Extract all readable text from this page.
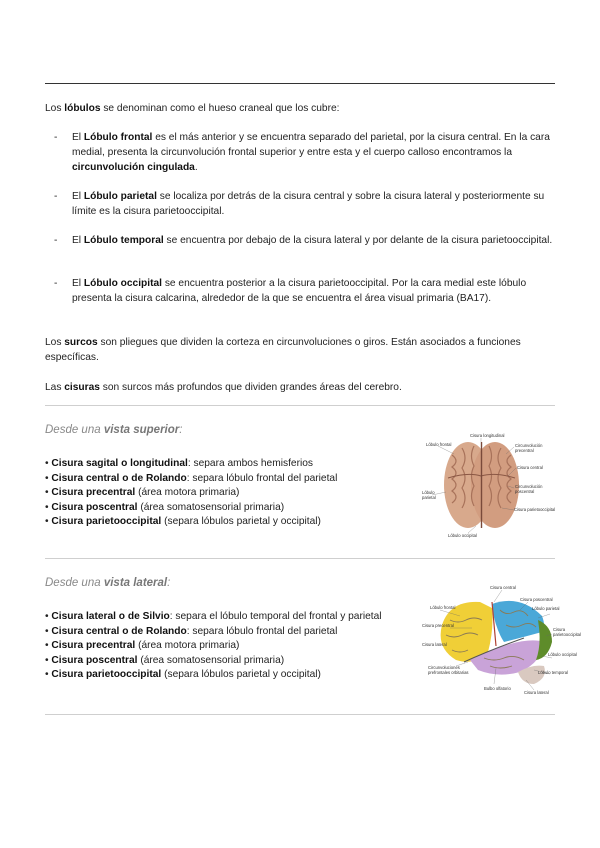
Los lóbulos se denominan como el hueso craneal que los cubre:
- El Lóbulo frontal es el más anterior y se encuentra separado del parietal, por la cisura central. En la cara medial, presenta la circunvolución frontal superior y entre esta y el cuerpo calloso encontramos la circunvolución cingulada.
- El Lóbulo parietal se localiza por detrás de la cisura central y sobre la cisura lateral y posteriormente su límite es la cisura parietooccipital.
- El Lóbulo temporal se encuentra por debajo de la cisura lateral y por delante de la cisura parietooccipital.
- El Lóbulo occipital se encuentra posterior a la cisura parietooccipital. Por la cara medial este lóbulo presenta la cisura calcarina, alrededor de la que se encuentra el área visual primaria (BA17).
Los surcos son pliegues que dividen la corteza en circunvoluciones o giros. Están asociados a funciones específicas.
Las cisuras son surcos más profundos que dividen grandes áreas del cerebro.
Desde una vista superior:
• Cisura sagital o longitudinal: separa ambos hemisferios
• Cisura central o de Rolando: separa lóbulo frontal del parietal
• Cisura precentral (área motora primaria)
• Cisura poscentral (área somatosensorial primaria)
• Cisura parietooccipital (separa lóbulos parietal y occipital)
Lóbulo frontal
Cisura longitudinal
Circunvolución
precentral
Cisura central
Circunvolución
poscentral
Lóbulo
parietal
Cisura parietooccipital
Lóbulo occipital
Desde una vista lateral:
• Cisura lateral o de Silvio: separa el lóbulo temporal del frontal y parietal
• Cisura central o de Rolando: separa lóbulo frontal del parietal
• Cisura precentral (área motora primaria)
• Cisura poscentral (área somatosensorial primaria)
• Cisura parietooccipital (separa lóbulos parietal y occipital)
Cisura central
Cisura poscentral
Lóbulo frontal
Cisura precentral
Lóbulo parietal
Cisura
parietooccipital
Lóbulo occipital
Cisura lateral
Lóbulo temporal
Circunvoluciones
prefrontales orbitarias
Bulbo olfatorio
Cisura lateral
